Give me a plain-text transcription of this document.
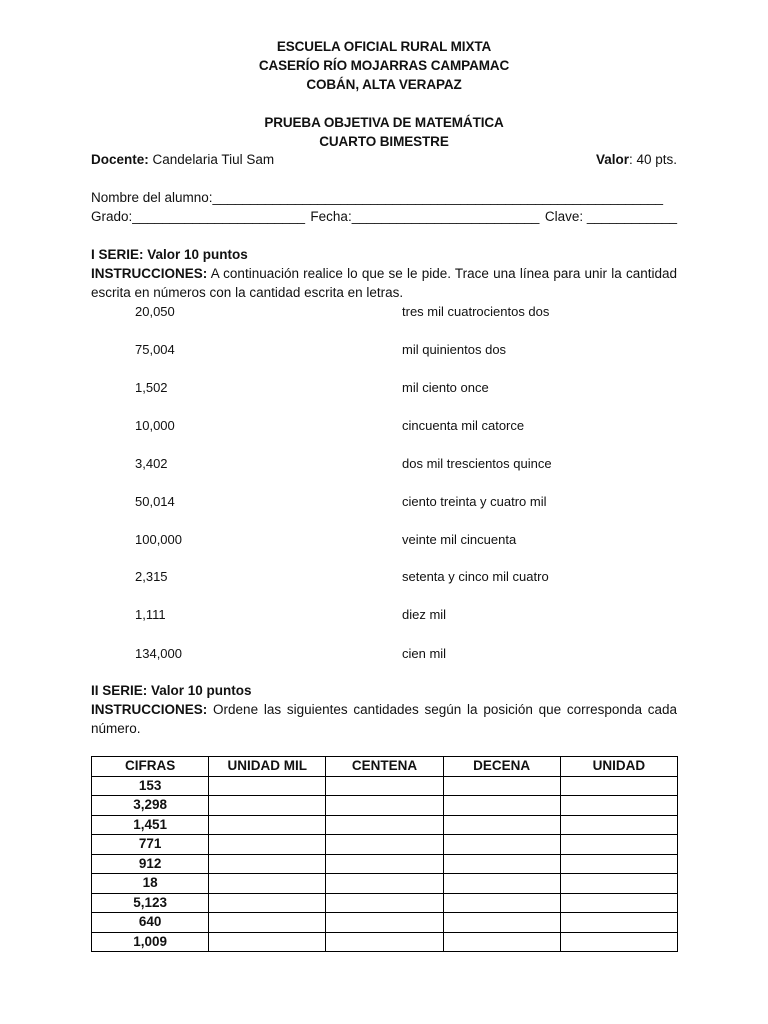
ESCUELA OFICIAL RURAL MIXTA
CASERÍO RÍO MOJARRAS CAMPAMAC
COBÁN, ALTA VERAPAZ
PRUEBA OBJETIVA DE MATEMÁTICA
CUARTO BIMESTRE
Docente: Candelaria Tiul Sam	Valor: 40 pts.
Nombre del alumno:____________________________________________________________
Grado:_______________________ Fecha:_________________________ Clave: ____________
I SERIE: Valor 10 puntos
INSTRUCCIONES: A continuación realice lo que se le pide. Trace una línea para unir la cantidad escrita en números con la cantidad escrita en letras.
20,050	tres mil cuatrocientos dos
75,004	mil quinientos dos
1,502	mil ciento once
10,000	cincuenta mil catorce
3,402	dos mil trescientos quince
50,014	ciento treinta y cuatro mil
100,000	veinte mil cincuenta
2,315	setenta y cinco mil cuatro
1,111	diez mil
134,000	cien mil
II SERIE: Valor 10 puntos
INSTRUCCIONES: Ordene las siguientes cantidades según la posición que corresponda cada número.
CIFRAS	UNIDAD MIL	CENTENA	DECENA	UNIDAD
153				
3,298				
1,451				
771				
912				
18				
5,123				
640				
1,009				
